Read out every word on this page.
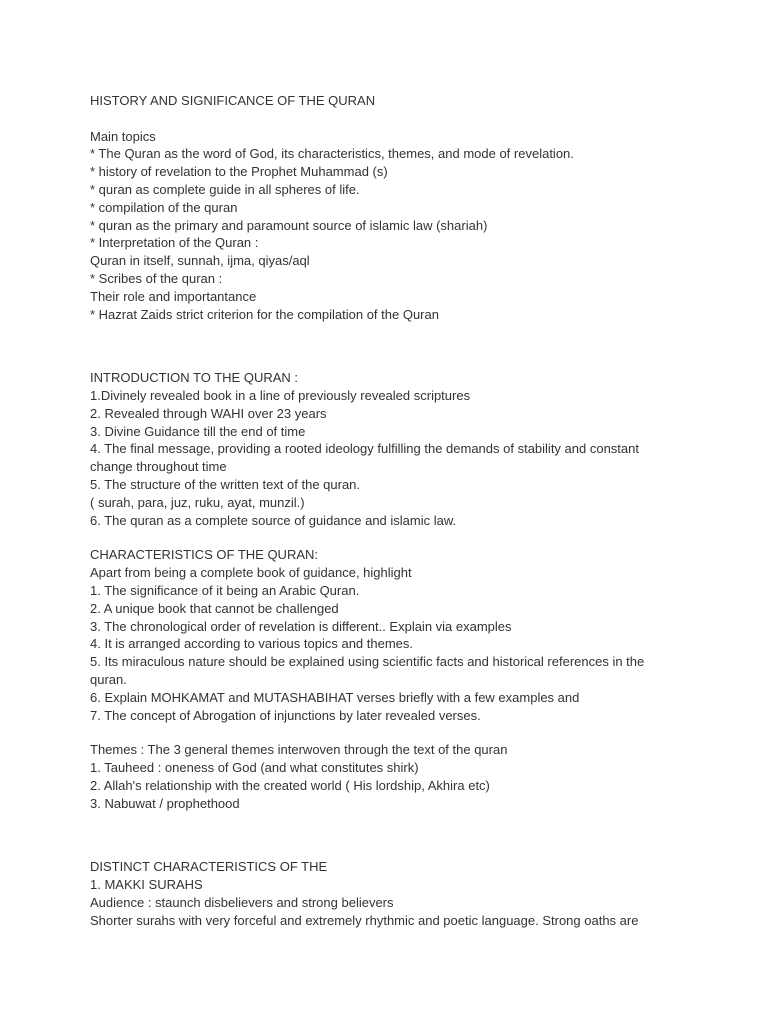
HISTORY AND SIGNIFICANCE OF THE QURAN
Main topics
* The Quran as the word of God, its characteristics, themes, and mode of revelation.
* history of revelation to the Prophet Muhammad (s)
* quran as complete guide in all spheres of life.
* compilation of the quran
* quran as the primary and paramount source of islamic law (shariah)
* Interpretation of the Quran :
Quran in itself, sunnah, ijma, qiyas/aql
* Scribes of the quran :
Their role and importantance
* Hazrat Zaids strict criterion for the compilation of the Quran
INTRODUCTION TO THE QURAN :
1.Divinely revealed book in a line of previously revealed scriptures
2. Revealed through WAHI over 23 years
3. Divine Guidance till the end of time
4. The final message, providing a rooted ideology fulfilling the demands of stability and constant
change throughout time
5. The structure of the written text of the quran.
( surah, para, juz, ruku, ayat, munzil.)
6. The quran as a complete source of guidance and islamic law.
CHARACTERISTICS OF THE QURAN:
Apart from being a complete book of guidance, highlight
1. The significance of it being an Arabic Quran.
2. A unique book that cannot be challenged
3. The chronological order of revelation is different.. Explain via examples
4. It is arranged according to various topics and themes.
5. Its miraculous nature should be explained using scientific facts and historical references in the
quran.
6. Explain MOHKAMAT and MUTASHABIHAT verses briefly with a few examples and
7. The concept of Abrogation of injunctions by later revealed verses.
Themes : The 3 general themes interwoven through the text of the quran
1. Tauheed : oneness of God (and what constitutes shirk)
2. Allah's relationship with the created world ( His lordship, Akhira etc)
3. Nabuwat / prophethood
DISTINCT CHARACTERISTICS OF THE
1. MAKKI SURAHS
Audience : staunch disbelievers and strong believers
Shorter surahs with very forceful and extremely rhythmic and poetic language. Strong oaths are
